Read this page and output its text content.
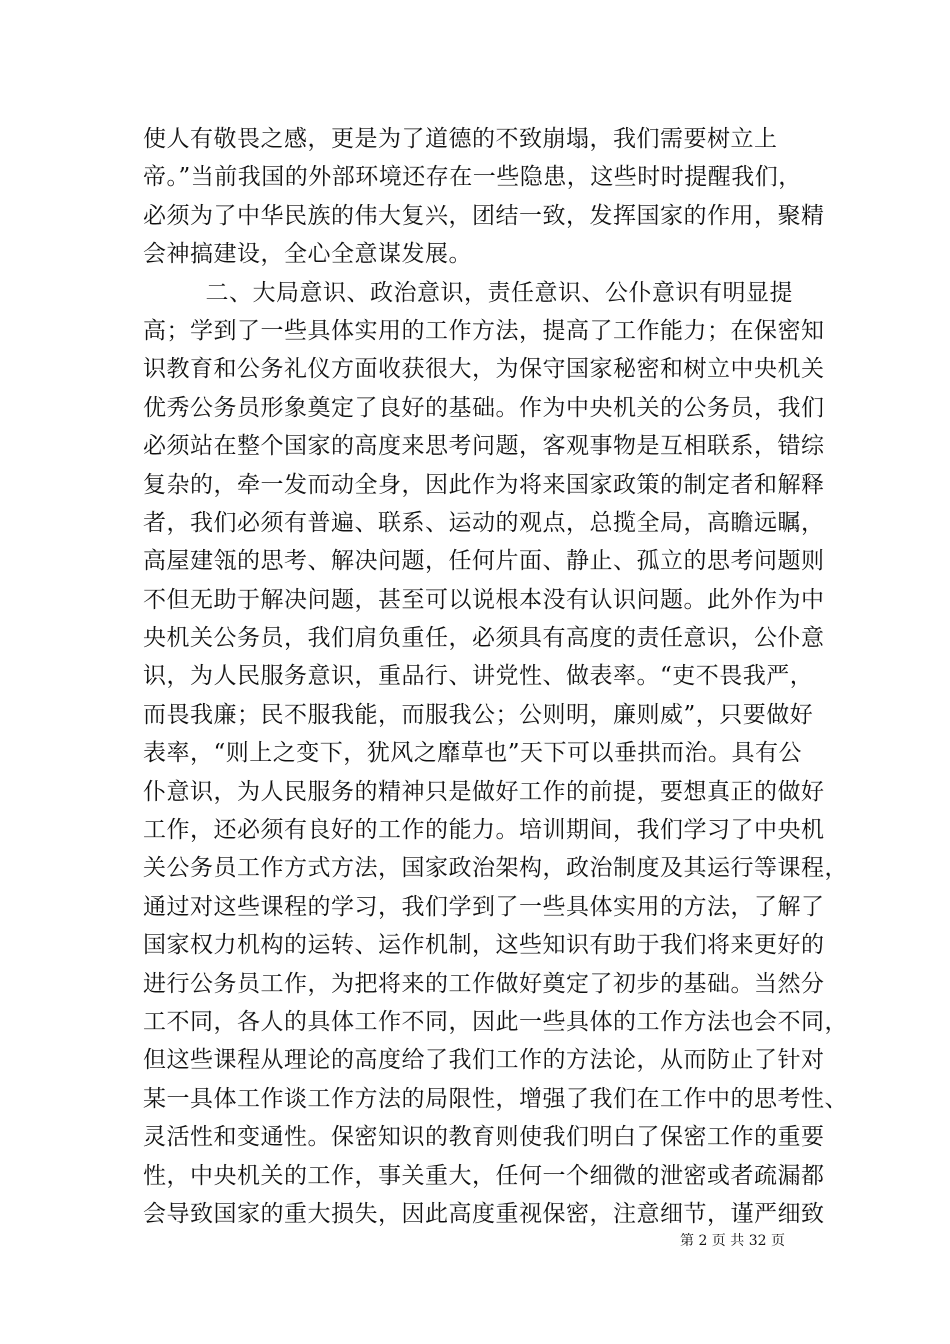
使人有敬畏之感，更是为了道德的不致崩塌，我们需要树立上
帝。”当前我国的外部环境还存在一些隐患，这些时时提醒我们，
必须为了中华民族的伟大复兴，团结一致，发挥国家的作用，聚精
会神搞建设，全心全意谋发展。
二、大局意识、政治意识，责任意识、公仆意识有明显提
高；学到了一些具体实用的工作方法，提高了工作能力；在保密知
识教育和公务礼仪方面收获很大，为保守国家秘密和树立中央机关
优秀公务员形象奠定了良好的基础。作为中央机关的公务员，我们
必须站在整个国家的高度来思考问题，客观事物是互相联系，错综
复杂的，牵一发而动全身，因此作为将来国家政策的制定者和解释
者，我们必须有普遍、联系、运动的观点，总揽全局，高瞻远瞩，
高屋建瓴的思考、解决问题，任何片面、静止、孤立的思考问题则
不但无助于解决问题，甚至可以说根本没有认识问题。此外作为中
央机关公务员，我们肩负重任，必须具有高度的责任意识，公仆意
识，为人民服务意识，重品行、讲党性、做表率。“吏不畏我严，
而畏我廉；民不服我能，而服我公；公则明，廉则威”，只要做好
表率，“则上之变下，犹风之靡草也”天下可以垂拱而治。具有公
仆意识，为人民服务的精神只是做好工作的前提，要想真正的做好
工作，还必须有良好的工作的能力。培训期间，我们学习了中央机
关公务员工作方式方法，国家政治架构，政治制度及其运行等课程，
通过对这些课程的学习，我们学到了一些具体实用的方法，了解了
国家权力机构的运转、运作机制，这些知识有助于我们将来更好的
进行公务员工作，为把将来的工作做好奠定了初步的基础。当然分
工不同，各人的具体工作不同，因此一些具体的工作方法也会不同，
但这些课程从理论的高度给了我们工作的方法论，从而防止了针对
某一具体工作谈工作方法的局限性，增强了我们在工作中的思考性、
灵活性和变通性。保密知识的教育则使我们明白了保密工作的重要
性，中央机关的工作，事关重大，任何一个细微的泄密或者疏漏都
会导致国家的重大损失，因此高度重视保密，注意细节，谨严细致
第 2 页 共 32 页
